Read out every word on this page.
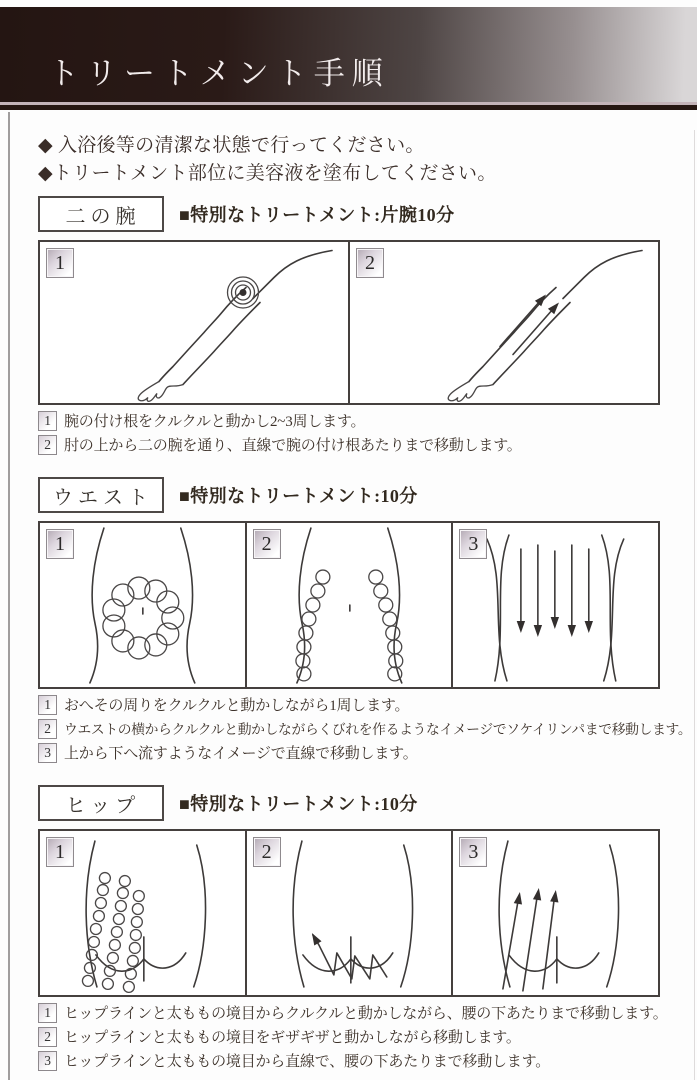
トリートメント手順
◆ 入浴後等の清潔な状態で行ってください。
◆トリートメント部位に美容液を塗布してください。
二の腕 ■特別なトリートメント:片腕10分
1	2
1 腕の付け根をクルクルと動かし2~3周します。
2 肘の上から二の腕を通り、直線で腕の付け根あたりまで移動します。
ウエスト ■特別なトリートメント:10分
1	2	3
1 おへその周りをクルクルと動かしながら1周します。
2 ウエストの横からクルクルと動かしながらくびれを作るようなイメージでソケイリンパまで移動します。
3 上から下へ流すようなイメージで直線で移動します。
ヒップ ■特別なトリートメント:10分
1	2	3
1 ヒップラインと太ももの境目からクルクルと動かしながら、腰の下あたりまで移動します。
2 ヒップラインと太ももの境目をギザギザと動かしながら移動します。
3 ヒップラインと太ももの境目から直線で、腰の下あたりまで移動します。
